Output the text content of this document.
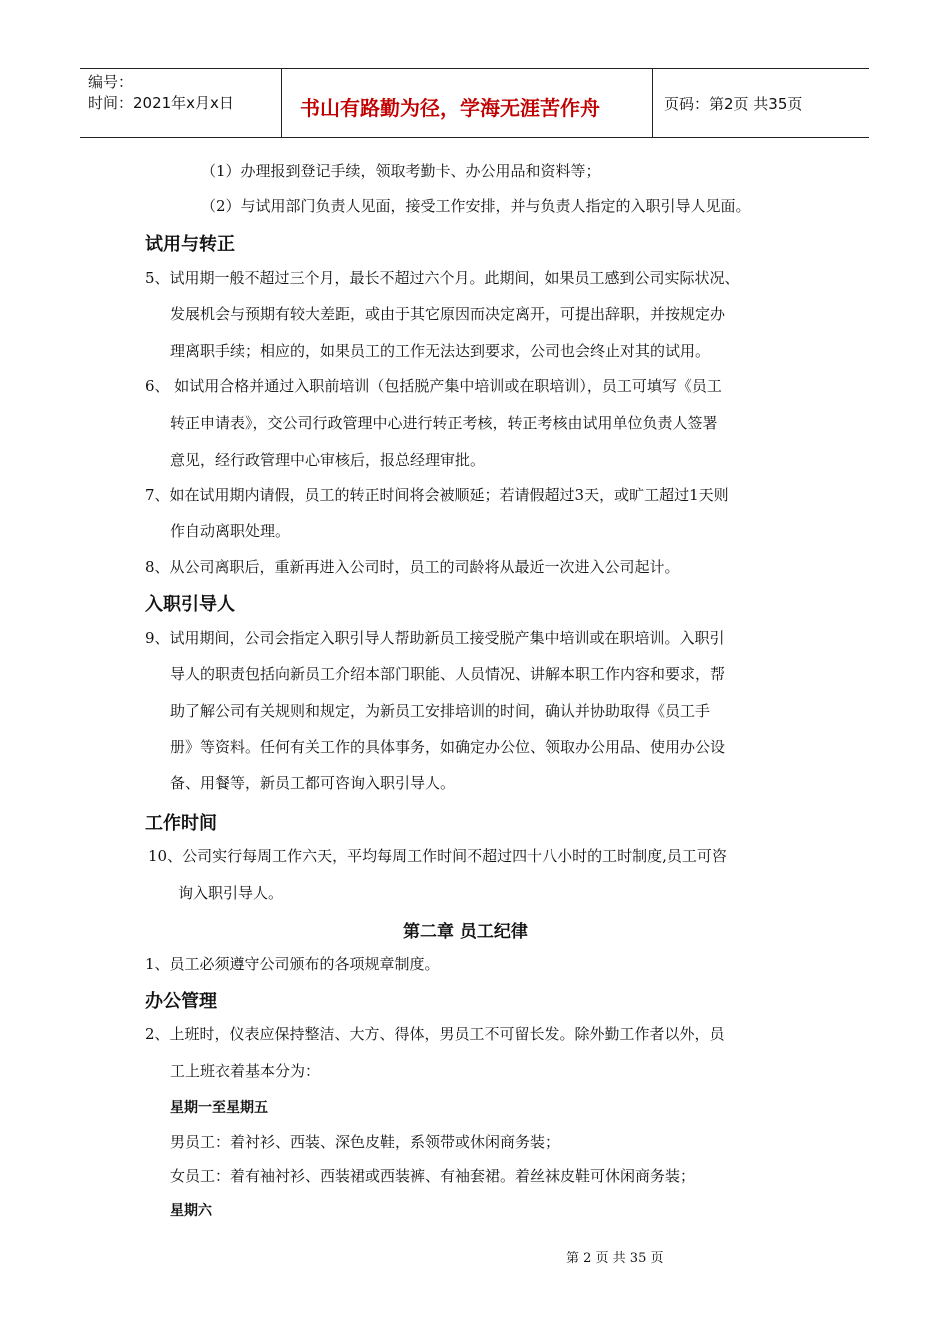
编号：
时间：2021年x月x日	书山有路勤为径，学海无涯苦作舟	页码：第2页 共35页
（1）办理报到登记手续，领取考勤卡、办公用品和资料等；
（2）与试用部门负责人见面，接受工作安排，并与负责人指定的入职引导人见面。
试用与转正
5、试用期一般不超过三个月，最长不超过六个月。此期间，如果员工感到公司实际状况、
发展机会与预期有较大差距，或由于其它原因而决定离开，可提出辞职，并按规定办
理离职手续；相应的，如果员工的工作无法达到要求，公司也会终止对其的试用。
6、 如试用合格并通过入职前培训（包括脱产集中培训或在职培训），员工可填写《员工
转正申请表》，交公司行政管理中心进行转正考核，转正考核由试用单位负责人签署
意见，经行政管理中心审核后，报总经理审批。
7、如在试用期内请假，员工的转正时间将会被顺延；若请假超过3天，或旷工超过1天则
作自动离职处理。
8、从公司离职后，重新再进入公司时，员工的司龄将从最近一次进入公司起计。
入职引导人
9、试用期间，公司会指定入职引导人帮助新员工接受脱产集中培训或在职培训。入职引
导人的职责包括向新员工介绍本部门职能、人员情况、讲解本职工作内容和要求，帮
助了解公司有关规则和规定，为新员工安排培训的时间，确认并协助取得《员工手
册》等资料。任何有关工作的具体事务，如确定办公位、领取办公用品、使用办公设
备、用餐等，新员工都可咨询入职引导人。
工作时间
10、公司实行每周工作六天，平均每周工作时间不超过四十八小时的工时制度,员工可咨
询入职引导人。
第二章 员工纪律
1、员工必须遵守公司颁布的各项规章制度。
办公管理
2、上班时，仪表应保持整洁、大方、得体，男员工不可留长发。除外勤工作者以外，员
工上班衣着基本分为：
星期一至星期五
男员工：着衬衫、西装、深色皮鞋，系领带或休闲商务装；
女员工：着有袖衬衫、西装裙或西装裤、有袖套裙。着丝袜皮鞋可休闲商务装；
星期六
第 2 页 共 35 页
